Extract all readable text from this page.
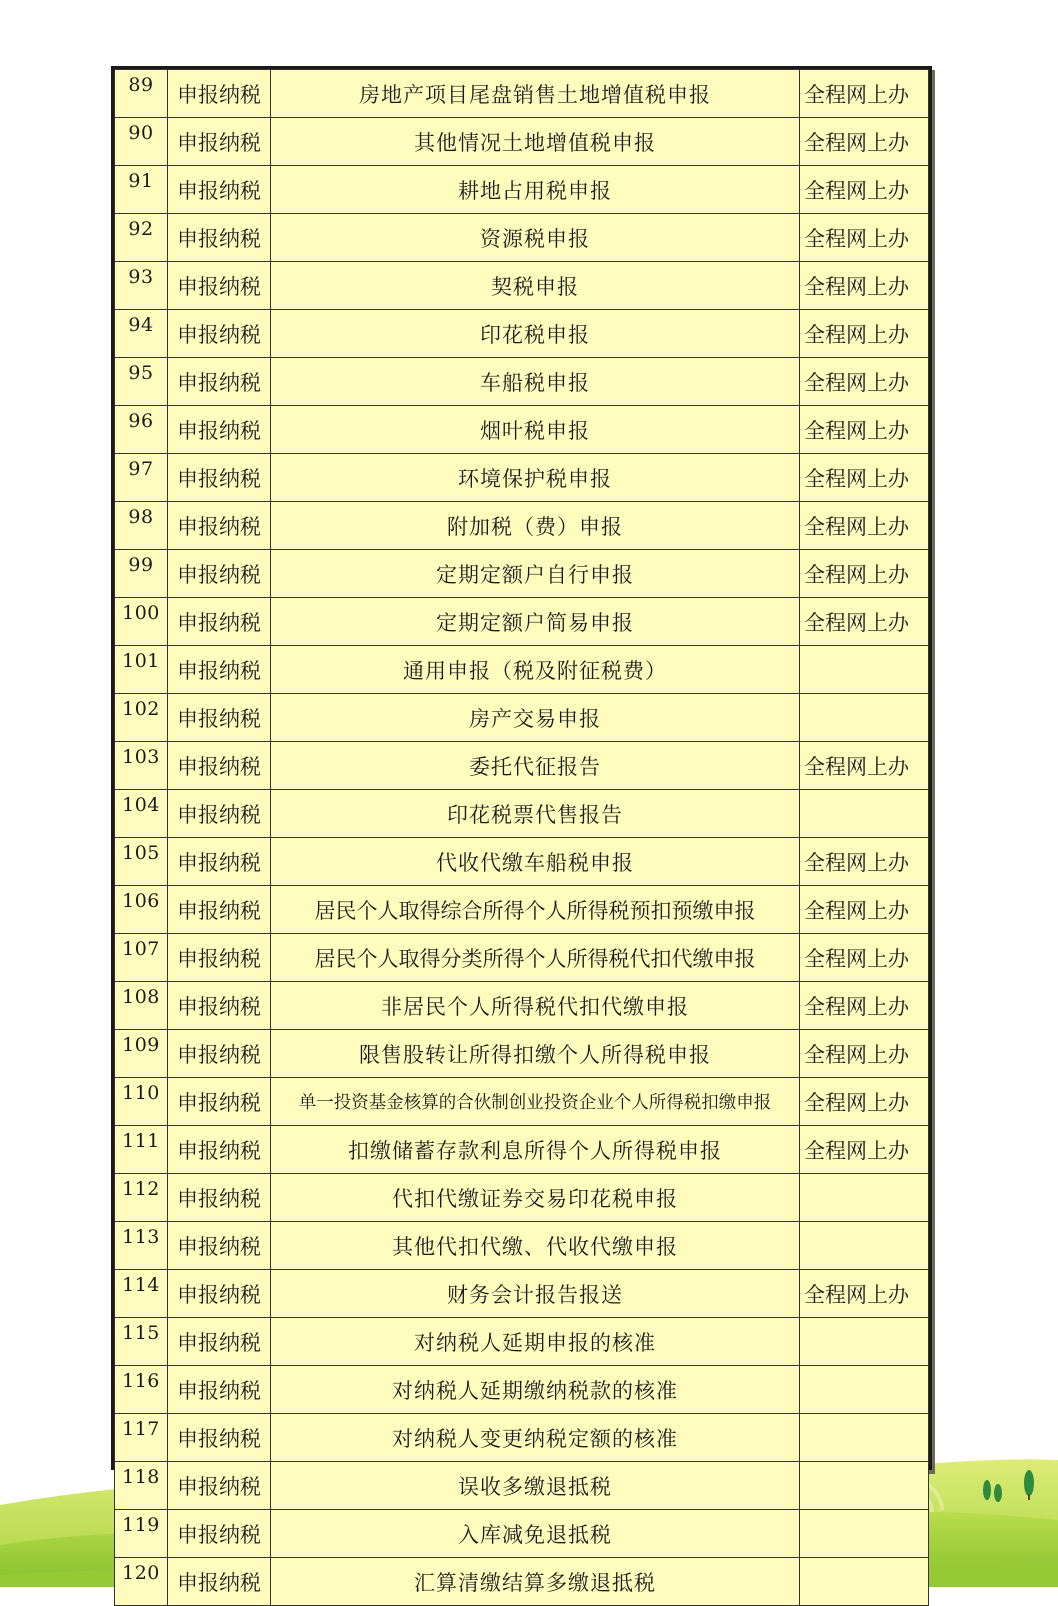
89	申报纳税	房地产项目尾盘销售土地增值税申报	全程网上办
90	申报纳税	其他情况土地增值税申报	全程网上办
91	申报纳税	耕地占用税申报	全程网上办
92	申报纳税	资源税申报	全程网上办
93	申报纳税	契税申报	全程网上办
94	申报纳税	印花税申报	全程网上办
95	申报纳税	车船税申报	全程网上办
96	申报纳税	烟叶税申报	全程网上办
97	申报纳税	环境保护税申报	全程网上办
98	申报纳税	附加税（费）申报	全程网上办
99	申报纳税	定期定额户自行申报	全程网上办
100	申报纳税	定期定额户简易申报	全程网上办
101	申报纳税	通用申报（税及附征税费）	
102	申报纳税	房产交易申报	
103	申报纳税	委托代征报告	全程网上办
104	申报纳税	印花税票代售报告	
105	申报纳税	代收代缴车船税申报	全程网上办
106	申报纳税	居民个人取得综合所得个人所得税预扣预缴申报	全程网上办
107	申报纳税	居民个人取得分类所得个人所得税代扣代缴申报	全程网上办
108	申报纳税	非居民个人所得税代扣代缴申报	全程网上办
109	申报纳税	限售股转让所得扣缴个人所得税申报	全程网上办
110	申报纳税	单一投资基金核算的合伙制创业投资企业个人所得税扣缴申报	全程网上办
111	申报纳税	扣缴储蓄存款利息所得个人所得税申报	全程网上办
112	申报纳税	代扣代缴证券交易印花税申报	
113	申报纳税	其他代扣代缴、代收代缴申报	
114	申报纳税	财务会计报告报送	全程网上办
115	申报纳税	对纳税人延期申报的核准	
116	申报纳税	对纳税人延期缴纳税款的核准	
117	申报纳税	对纳税人变更纳税定额的核准	
118	申报纳税	误收多缴退抵税	
119	申报纳税	入库减免退抵税	
120	申报纳税	汇算清缴结算多缴退抵税	
